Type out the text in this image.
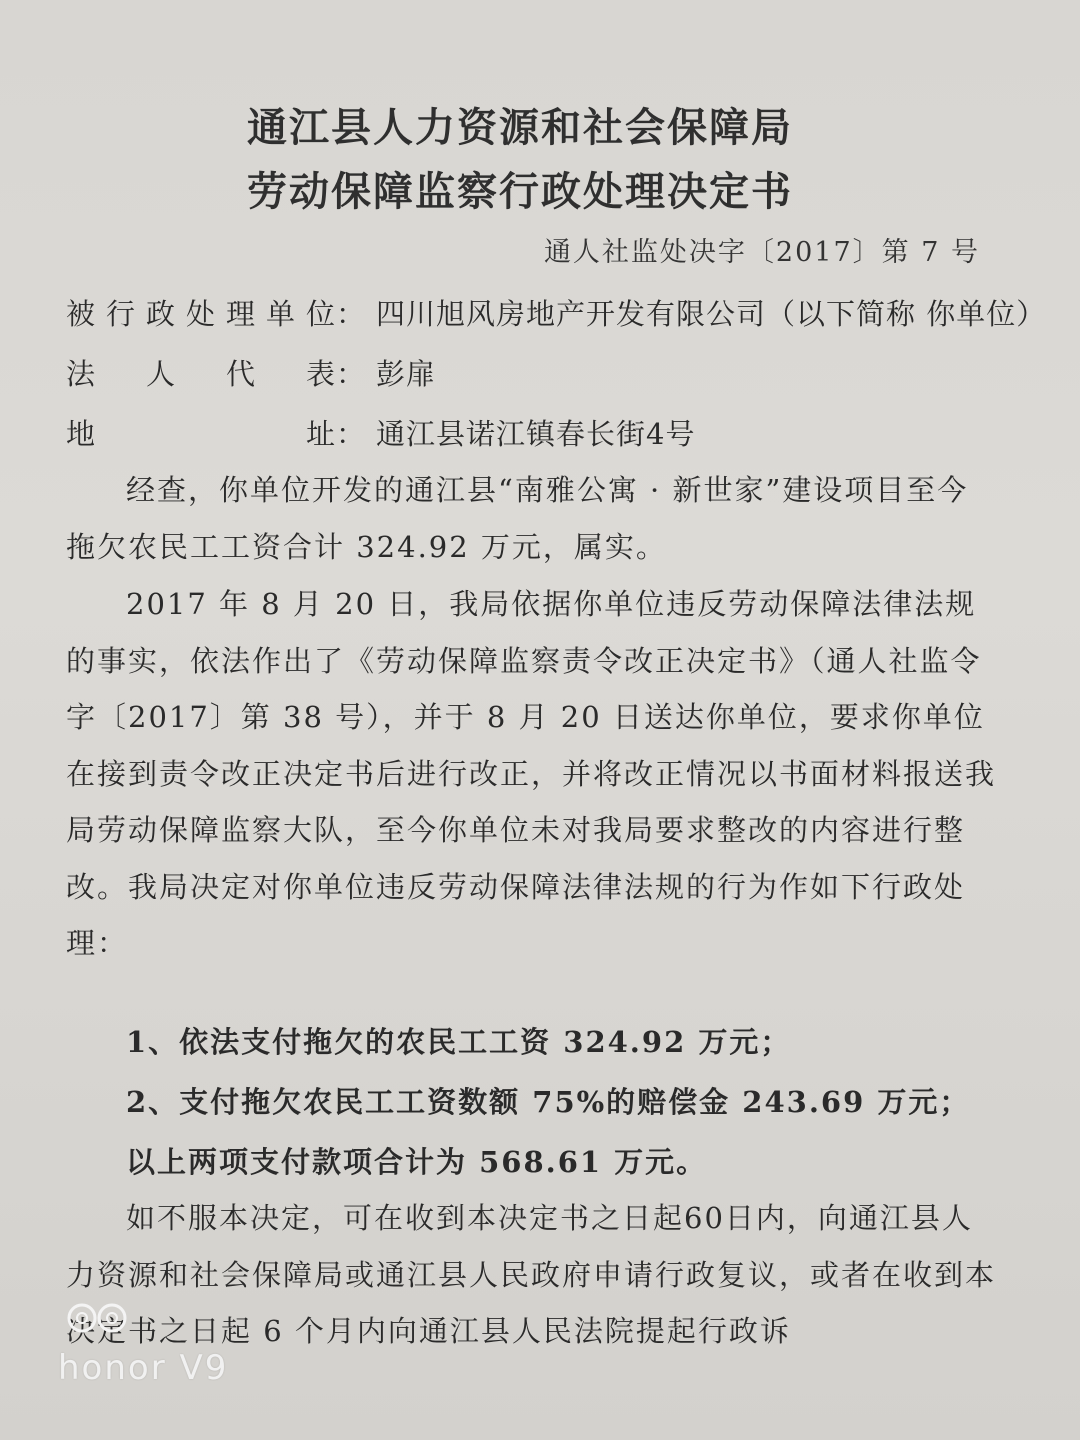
通江县人力资源和社会保障局
劳动保障监察行政处理决定书
通人社监处决字〔2017〕第 7 号
被行政处理单位： 四川旭风房地产开发有限公司（以下简称 你单位）
法人代表： 彭扉
地址： 通江县诺江镇春长街4号
经查，你单位开发的通江县“南雅公寓 · 新世家”建设项目至今拖欠农民工工资合计 324.92 万元，属实。
2017 年 8 月 20 日，我局依据你单位违反劳动保障法律法规的事实，依法作出了《劳动保障监察责令改正决定书》（通人社监令字〔2017〕第 38 号），并于 8 月 20 日送达你单位，要求你单位在接到责令改正决定书后进行改正，并将改正情况以书面材料报送我局劳动保障监察大队，至今你单位未对我局要求整改的内容进行整改。我局决定对你单位违反劳动保障法律法规的行为作如下行政处理：
1、依法支付拖欠的农民工工资 324.92 万元；
2、支付拖欠农民工工资数额 75%的赔偿金 243.69 万元；
以上两项支付款项合计为 568.61 万元。
如不服本决定，可在收到本决定书之日起60日内，向通江县人力资源和社会保障局或通江县人民政府申请行政复议，或者在收到本决定书之日起 6 个月内向通江县人民法院提起行政诉
honor V9
